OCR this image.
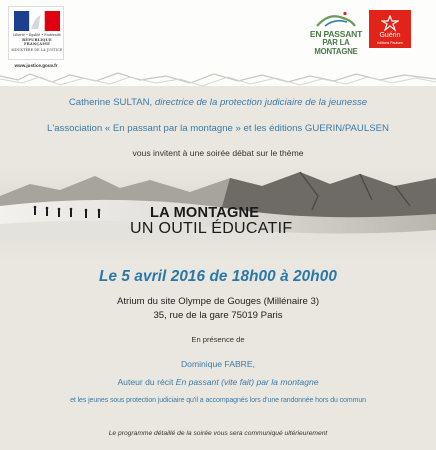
Liberté • Égalité • Fraternité
RÉPUBLIQUE FRANÇAISE
MINISTÈRE DE LA JUSTICE
www.justice.gouv.fr
EN PASSANT
PAR LA MONTAGNE
Guérin
éditions Paulsen
Catherine SULTAN, directrice de la protection judiciaire de la jeunesse
L'association « En passant par la montagne » et les éditions GUERIN/PAULSEN
vous invitent à une soirée débat sur le thème
LA MONTAGNE
UN OUTIL ÉDUCATIF
Le 5 avril 2016 de 18h00 à 20h00
Atrium du site Olympe de Gouges (Millénaire 3)
35, rue de la gare 75019 Paris
En présence de
Dominique FABRE,
Auteur du récit En passant (vite fait) par la montagne
et les jeunes sous protection judiciaire qu'il a accompagnés lors d'une randonnée hors du commun
Le programme détaillé de la soirée vous sera communiqué ultérieurement
